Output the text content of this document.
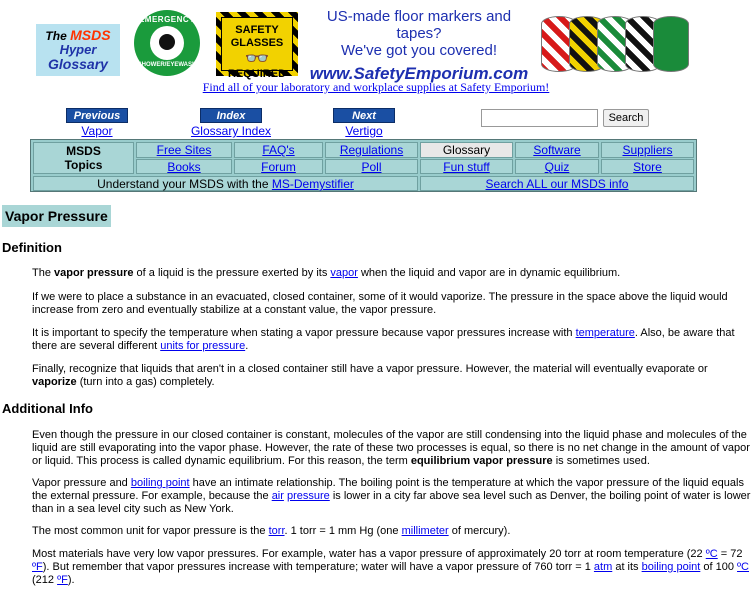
The MSDS
Hyper
Glossary
EMERGENCY
SHOWER/EYEWASH
SAFETY GLASSES
👓
REQUIRED
US-made floor markers and tapes?
We've got you covered!
www.SafetyEmporium.com
Find all of your laboratory and workplace supplies at Safety Emporium!
Previous
Vapor
Index
Glossary Index
Next
Vertigo
Search
MSDS
Topics
Free Sites	FAQ's	Regulations	Glossary	Software	Suppliers
Books	Forum	Poll	Fun stuff	Quiz	Store
Understand your MSDS with the MS-Demystifier	Search ALL our MSDS info
Vapor Pressure
Definition

The vapor pressure of a liquid is the pressure exerted by its vapor when the liquid and vapor are in dynamic equilibrium.

If we were to place a substance in an evacuated, closed container, some of it would vaporize. The pressure in the space above the liquid would increase from zero and eventually stabilize at a constant value, the vapor pressure.

It is important to specify the temperature when stating a vapor pressure because vapor pressures increase with temperature. Also, be aware that there are several different units for pressure.

Finally, recognize that liquids that aren't in a closed container still have a vapor pressure. However, the material will eventually evaporate or vaporize (turn into a gas) completely.

Additional Info

Even though the pressure in our closed container is constant, molecules of the vapor are still condensing into the liquid phase and molecules of the liquid are still evaporating into the vapor phase. However, the rate of these two processes is equal, so there is no net change in the amount of vapor or liquid. This process is called dynamic equilibrium. For this reason, the term equilibrium vapor pressure is sometimes used.

Vapor pressure and boiling point have an intimate relationship. The boiling point is the temperature at which the vapor pressure of the liquid equals the external pressure. For example, because the air pressure is lower in a city far above sea level such as Denver, the boiling point of water is lower than in a sea level city such as New York.

The most common unit for vapor pressure is the torr. 1 torr = 1 mm Hg (one millimeter of mercury).

Most materials have very low vapor pressures. For example, water has a vapor pressure of approximately 20 torr at room temperature (22 ºC = 72 ºF). But remember that vapor pressures increase with temperature; water will have a vapor pressure of 760 torr = 1 atm at its boiling point of 100 ºC (212 ºF).
